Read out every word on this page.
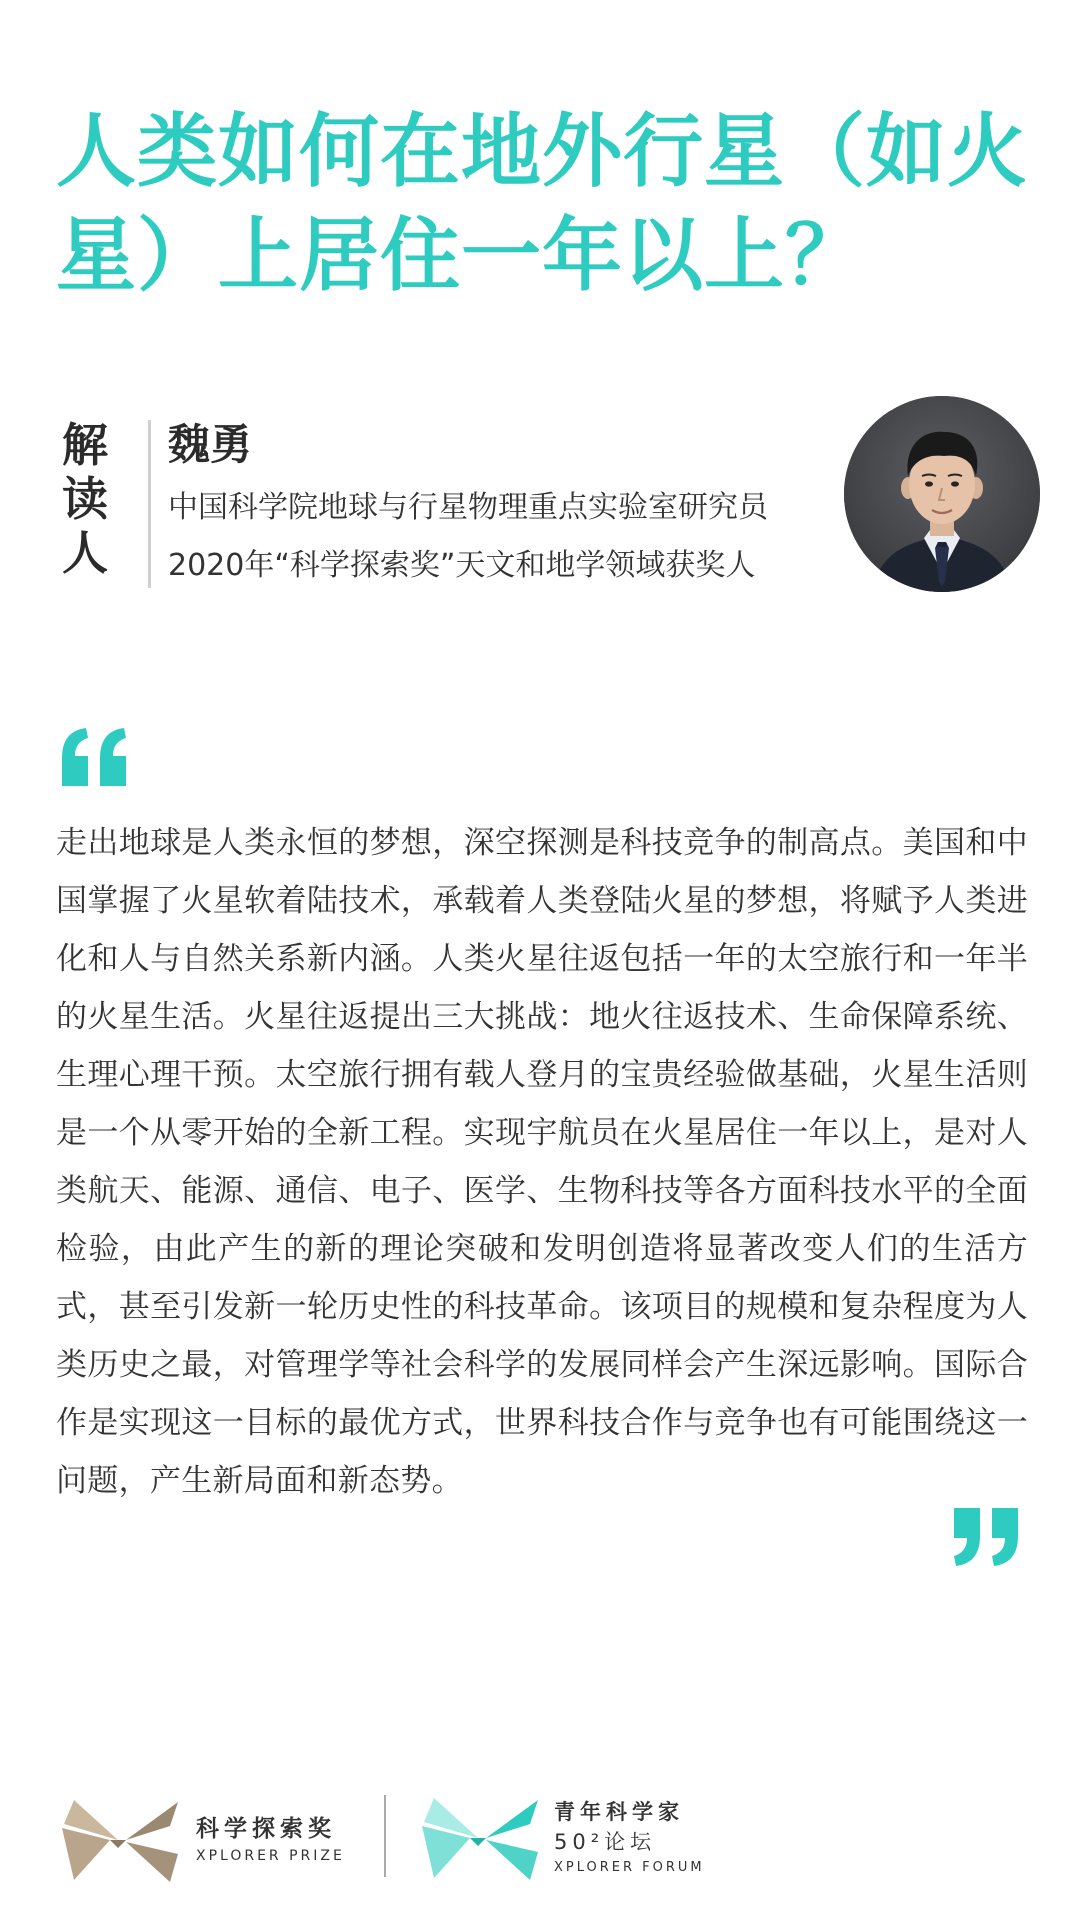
人类如何在地外行星（如火
星）上居住一年以上？
解
读
人
魏勇
中国科学院地球与行星物理重点实验室研究员
2020年“科学探索奖”天文和地学领域获奖人
走出地球是人类永恒的梦想，深空探测是科技竞争的制高点。美国和中国掌握了火星软着陆技术，承载着人类登陆火星的梦想，将赋予人类进化和人与自然关系新内涵。人类火星往返包括一年的太空旅行和一年半的火星生活。火星往返提出三大挑战：地火往返技术、生命保障系统、生理心理干预。太空旅行拥有载人登月的宝贵经验做基础，火星生活则是一个从零开始的全新工程。实现宇航员在火星居住一年以上，是对人类航天、能源、通信、电子、医学、生物科技等各方面科技水平的全面检验，由此产生的新的理论突破和发明创造将显著改变人们的生活方式，甚至引发新一轮历史性的科技革命。该项目的规模和复杂程度为人类历史之最，对管理学等社会科学的发展同样会产生深远影响。国际合作是实现这一目标的最优方式，世界科技合作与竞争也有可能围绕这一问题，产生新局面和新态势。
科学探索奖
XPLORER PRIZE
青年科学家
50²论坛
XPLORER FORUM
